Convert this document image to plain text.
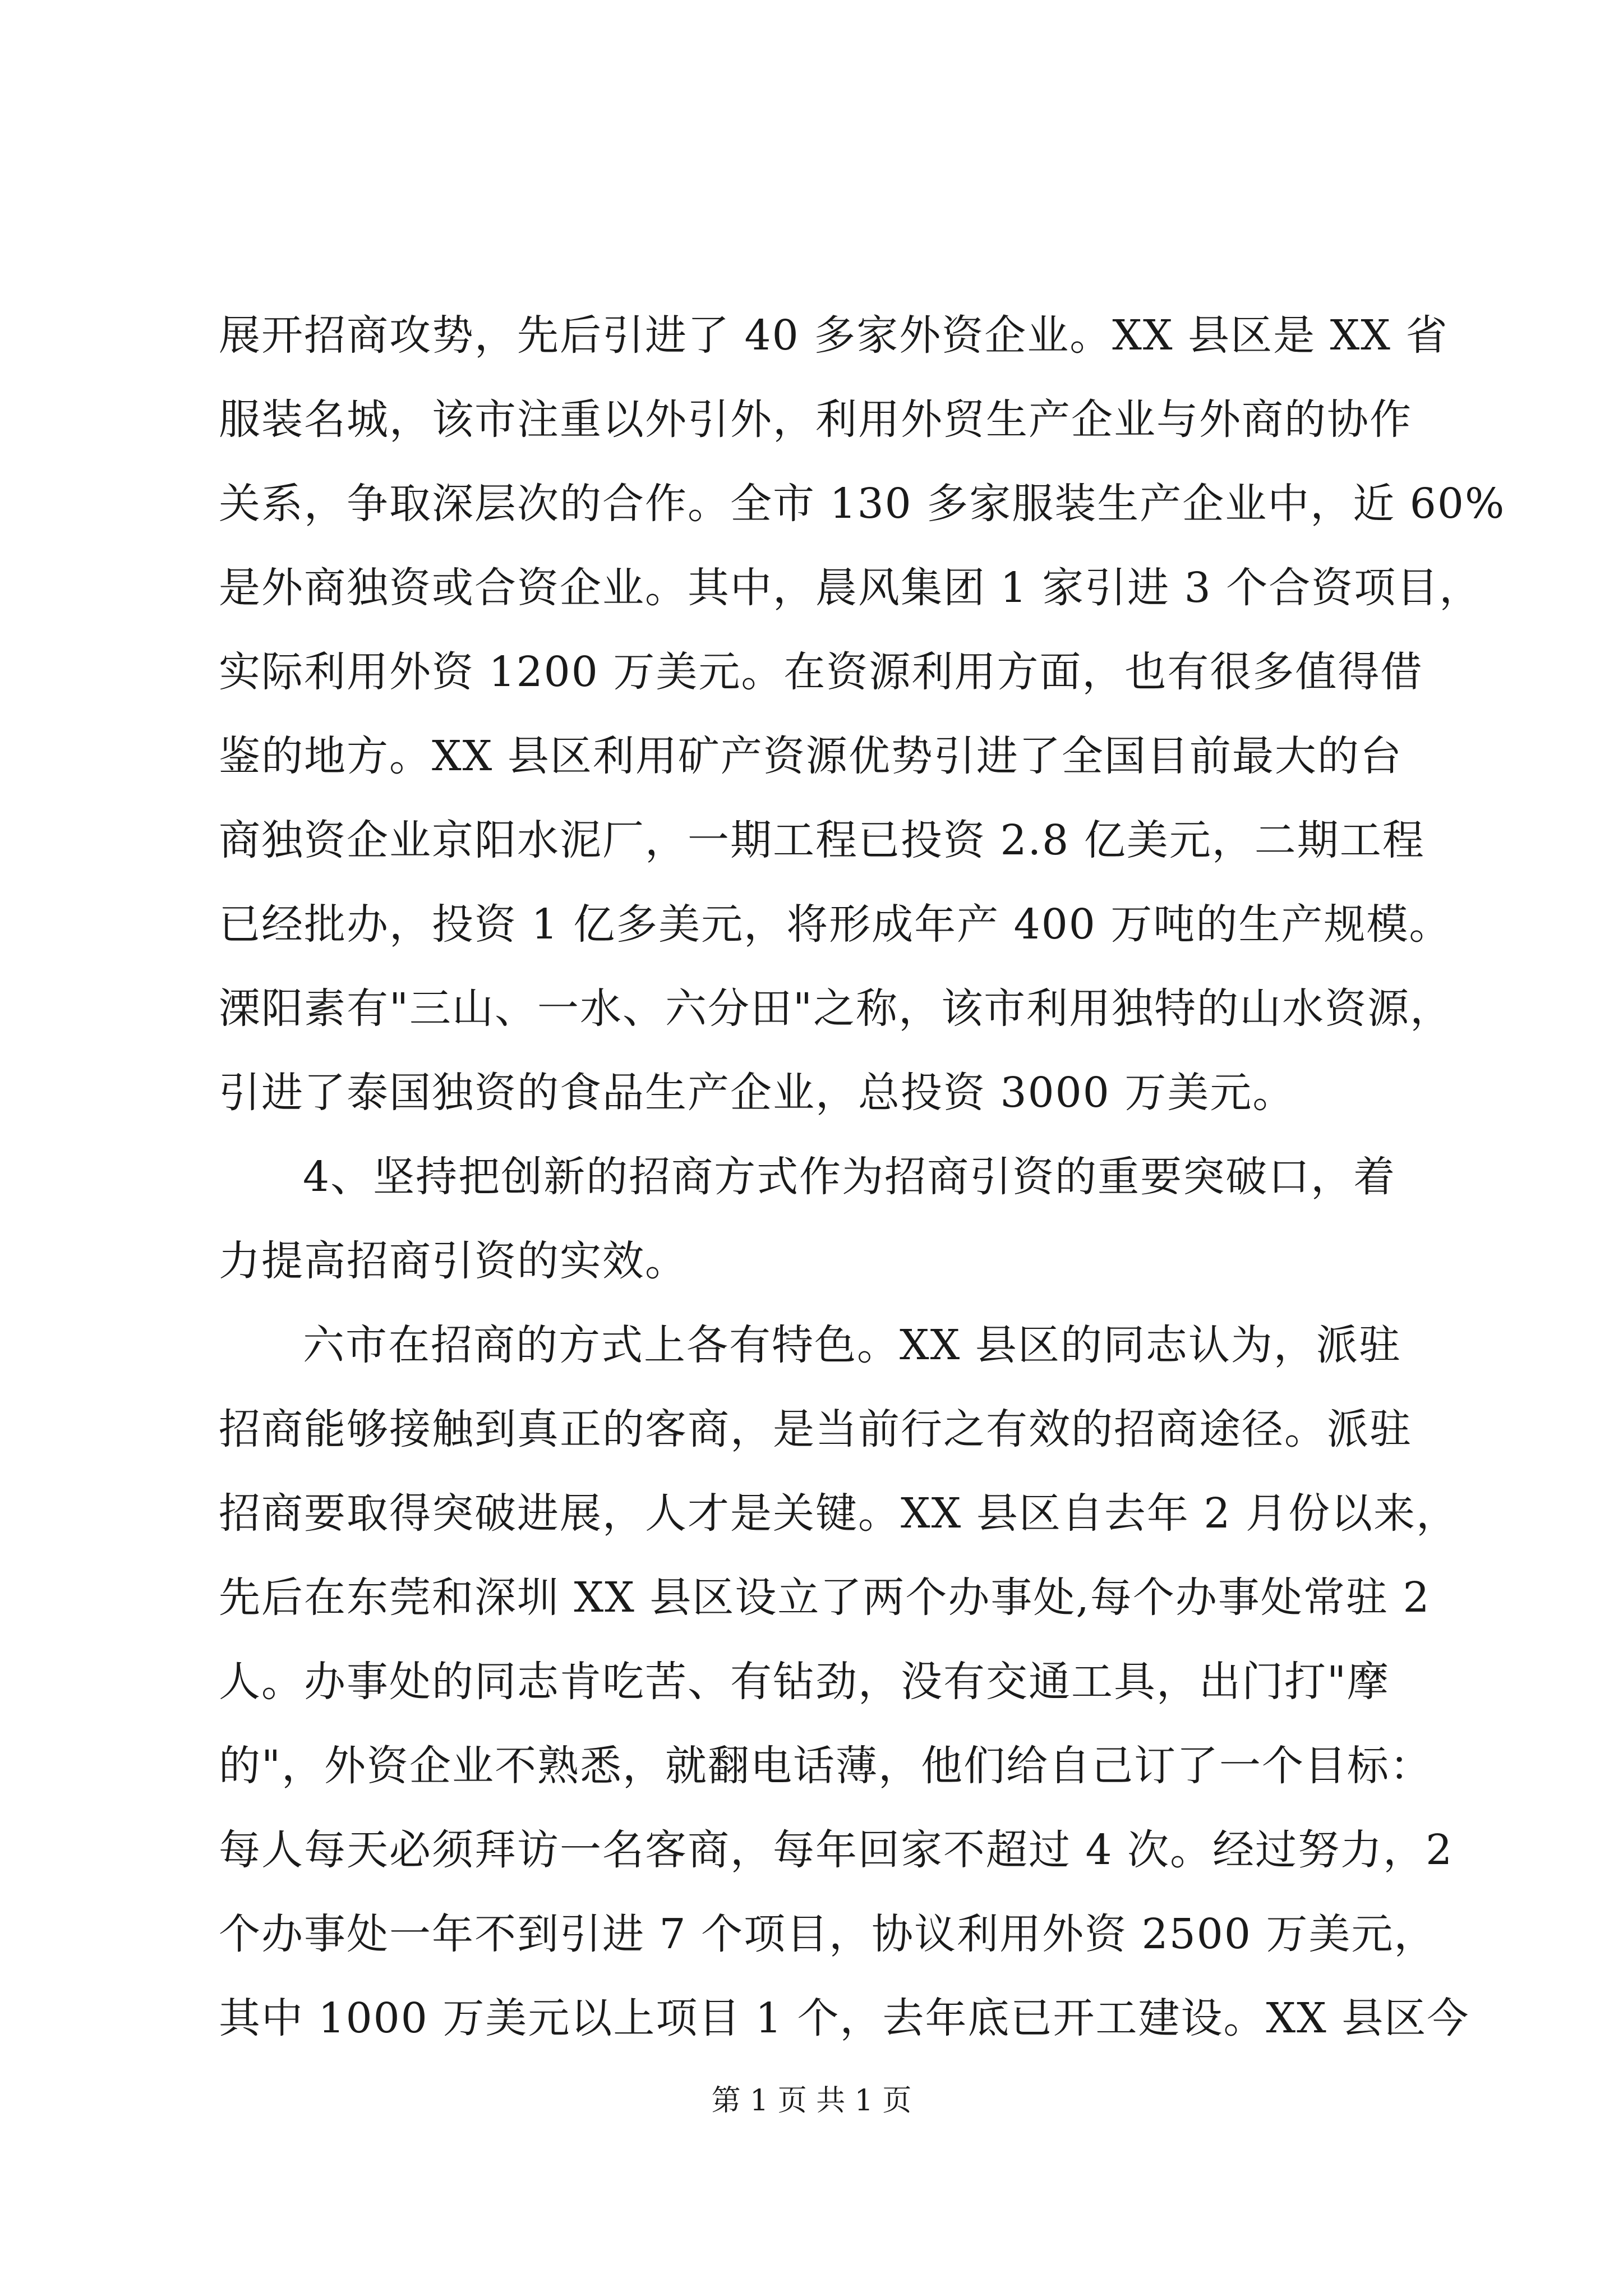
展开招商攻势，先后引进了 40 多家外资企业。XX 县区是 XX 省
服装名城，该市注重以外引外，利用外贸生产企业与外商的协作
关系，争取深层次的合作。全市 130 多家服装生产企业中，近 60%
是外商独资或合资企业。其中，晨风集团 1 家引进 3 个合资项目，
实际利用外资 1200 万美元。在资源利用方面，也有很多值得借
鉴的地方。XX 县区利用矿产资源优势引进了全国目前最大的台
商独资企业京阳水泥厂，一期工程已投资 2.8 亿美元，二期工程
已经批办，投资 1 亿多美元，将形成年产 400 万吨的生产规模。
溧阳素有"三山、一水、六分田"之称，该市利用独特的山水资源，
引进了泰国独资的食品生产企业，总投资 3000 万美元。
4、坚持把创新的招商方式作为招商引资的重要突破口，着
力提高招商引资的实效。
六市在招商的方式上各有特色。XX 县区的同志认为，派驻
招商能够接触到真正的客商，是当前行之有效的招商途径。派驻
招商要取得突破进展，人才是关键。XX 县区自去年 2 月份以来，
先后在东莞和深圳 XX 县区设立了两个办事处,每个办事处常驻 2
人。办事处的同志肯吃苦、有钻劲，没有交通工具，出门打"摩
的"，外资企业不熟悉，就翻电话薄，他们给自己订了一个目标：
每人每天必须拜访一名客商，每年回家不超过 4 次。经过努力，2
个办事处一年不到引进 7 个项目，协议利用外资 2500 万美元，
其中 1000 万美元以上项目 1 个，去年底已开工建设。XX 县区今
第 1 页 共 1 页
